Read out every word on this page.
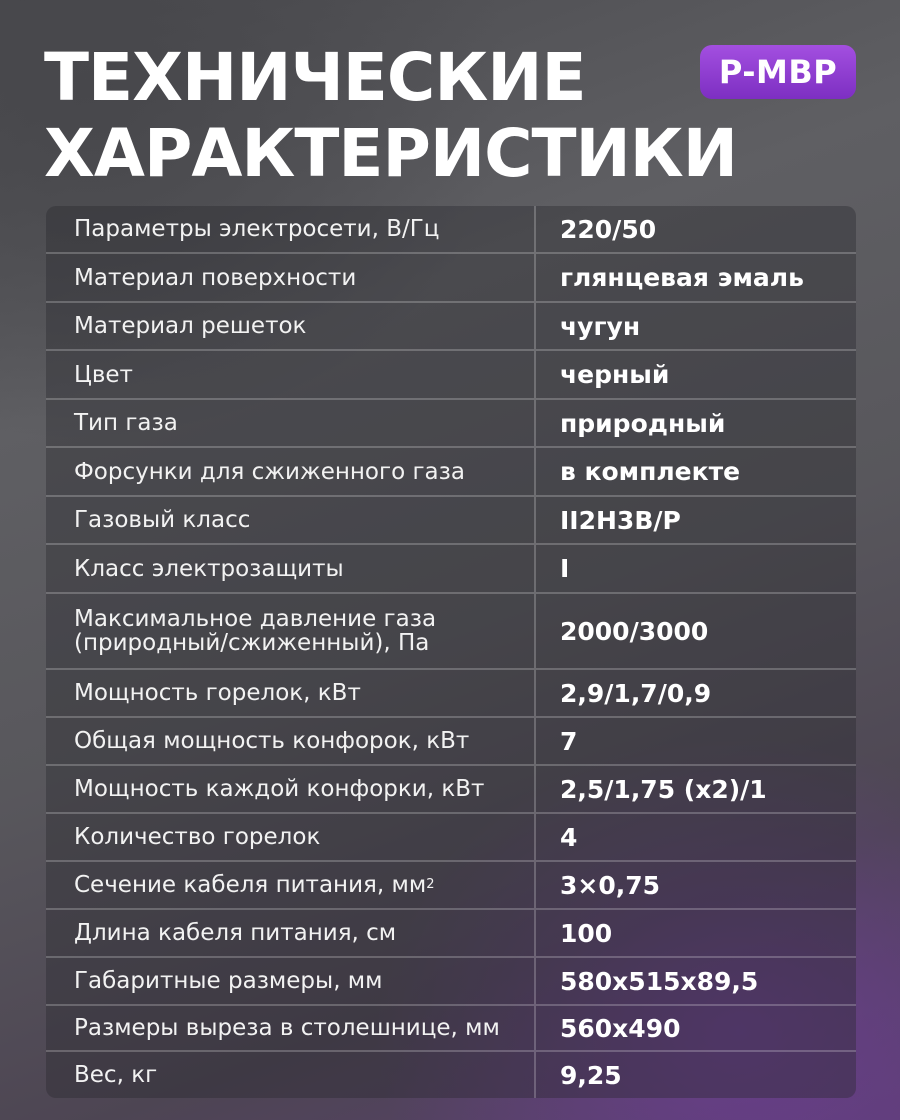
ТЕХНИЧЕСКИЕ
ХАРАКТЕРИСТИКИ
P-MBP
Параметры электросети, В/Гц	220/50
Материал поверхности	глянцевая эмаль
Материал решеток	чугун
Цвет	черный
Тип газа	природный
Форсунки для сжиженного газа	в комплекте
Газовый класс	II2H3B/P
Класс электрозащиты	I
Максимальное давление газа
(природный/сжиженный), Па	2000/3000
Мощность горелок, кВт	2,9/1,7/0,9
Общая мощность конфорок, кВт	7
Мощность каждой конфорки, кВт	2,5/1,75 (x2)/1
Количество горелок	4
Сечение кабеля питания, мм 2	3×0,75
Длина кабеля питания, см	100
Габаритные размеры, мм	580x515x89,5
Размеры выреза в столешнице, мм	560x490
Вес, кг	9,25
